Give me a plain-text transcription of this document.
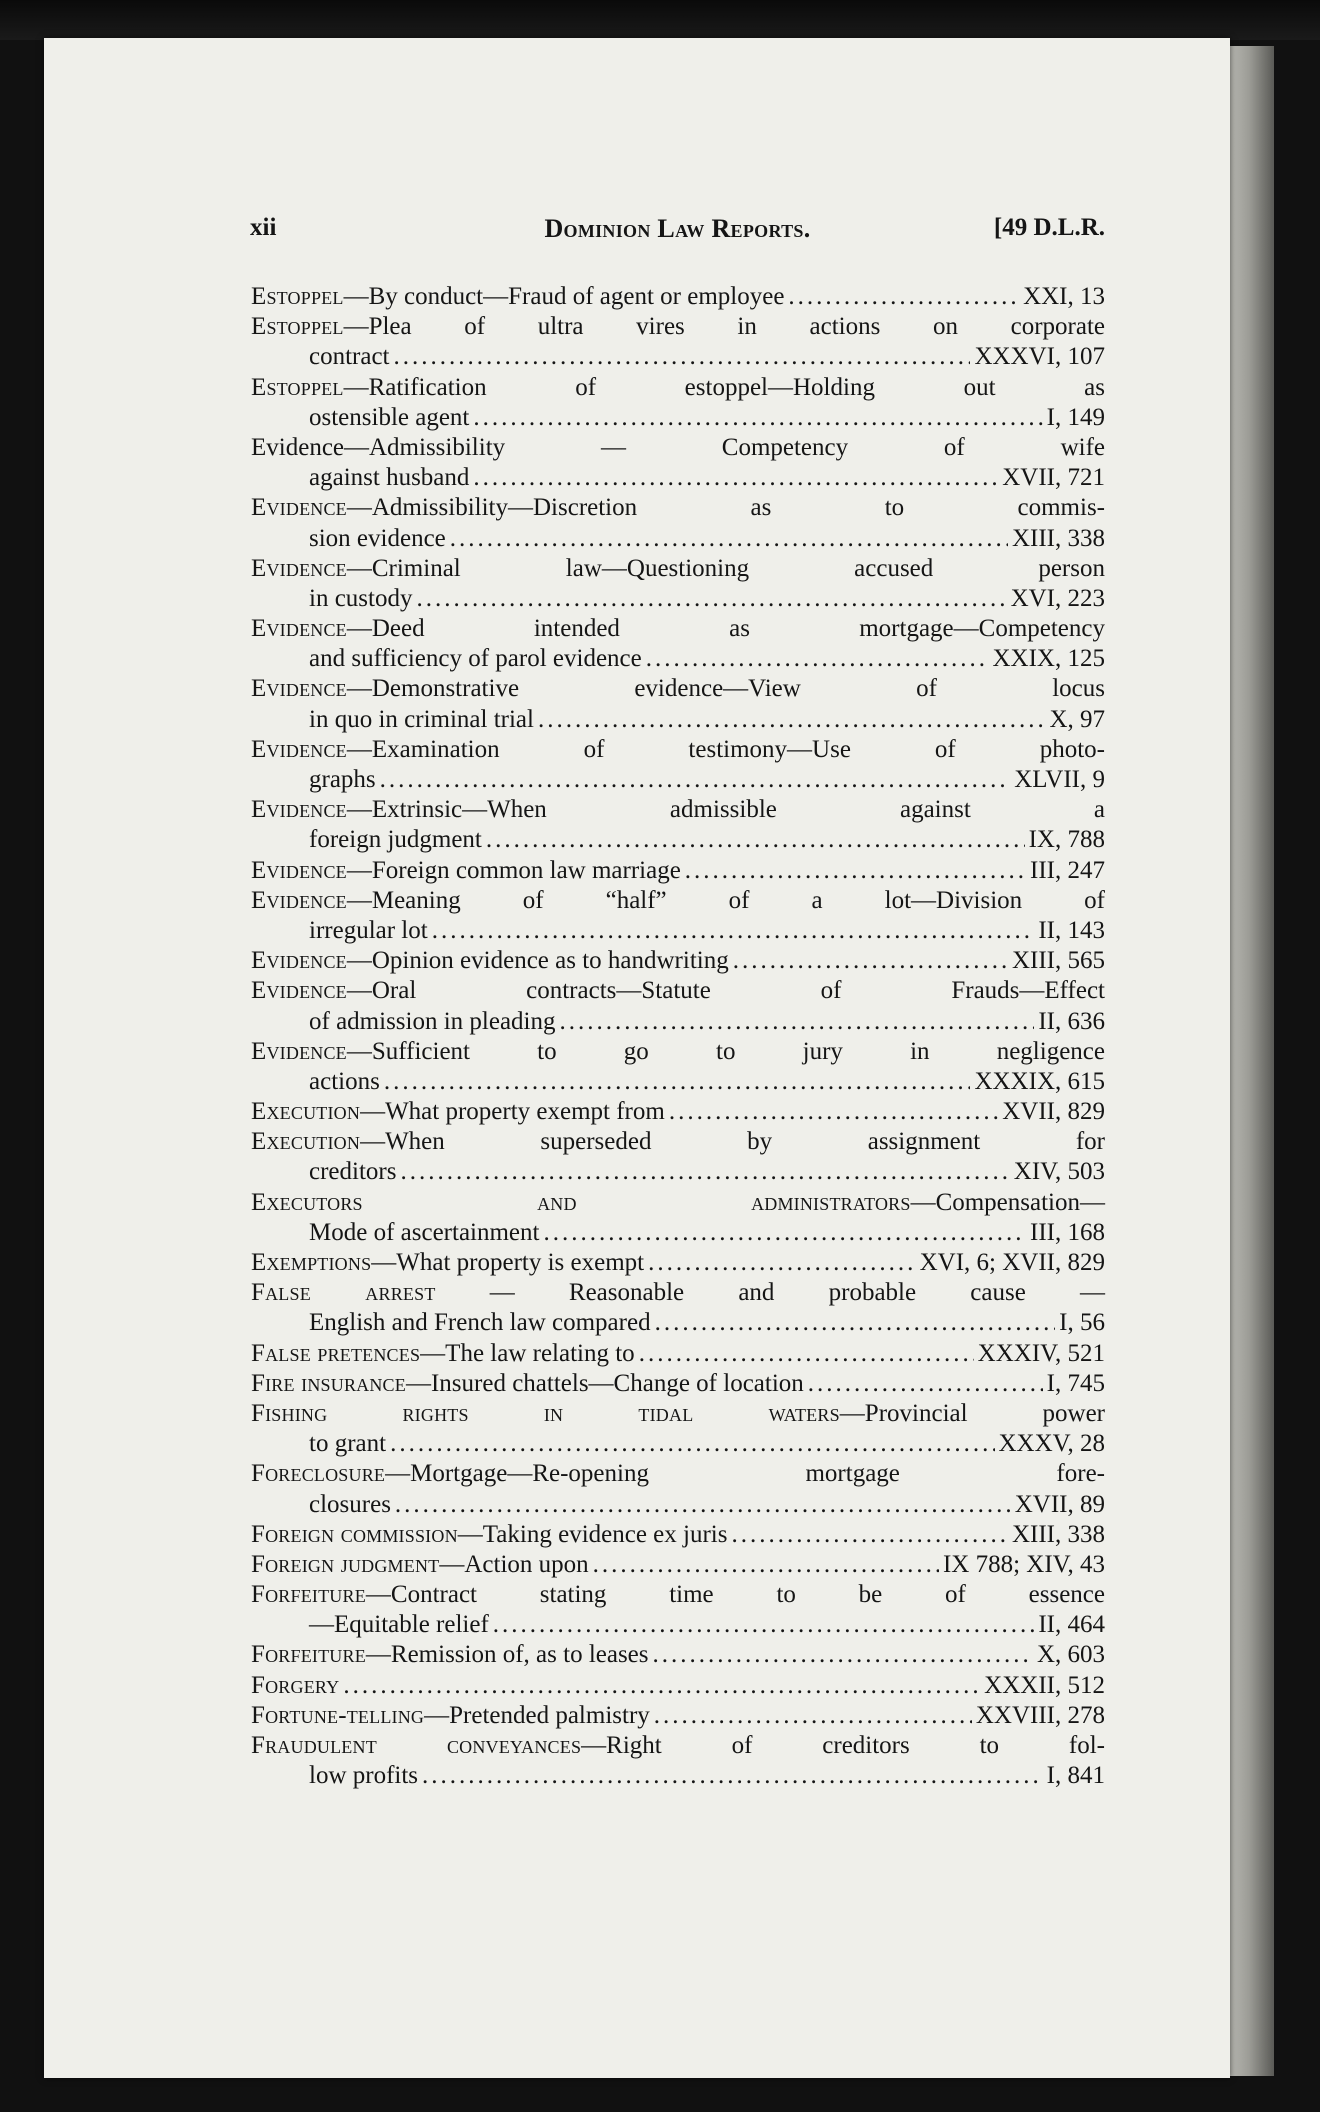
xii	Dominion Law Reports.	[49 D.L.R.
Estoppel—By conduct—Fraud of agent or employee .....	XXI, 13
Estoppel—Plea of ultra vires in actions on corporate
contract .....	XXXVI, 107
Estoppel—Ratification of estoppel—Holding out as
ostensible agent .....	I, 149
Evidence—Admissibility — Competency of wife
against husband .....	XVII, 721
Evidence—Admissibility—Discretion as to commis-
sion evidence .....	XIII, 338
Evidence—Criminal law—Questioning accused person
in custody .....	XVI, 223
Evidence—Deed intended as mortgage—Competency
and sufficiency of parol evidence .....	XXIX, 125
Evidence—Demonstrative evidence—View of locus
in quo in criminal trial .....	X, 97
Evidence—Examination of testimony—Use of photo-
graphs .....	XLVII, 9
Evidence—Extrinsic—When admissible against a
foreign judgment .....	IX, 788
Evidence—Foreign common law marriage .....	III, 247
Evidence—Meaning of “half” of a lot—Division of
irregular lot .....	II, 143
Evidence—Opinion evidence as to handwriting .....	XIII, 565
Evidence—Oral contracts—Statute of Frauds—Effect
of admission in pleading .....	II, 636
Evidence—Sufficient to go to jury in negligence
actions .....	XXXIX, 615
Execution—What property exempt from .....	XVII, 829
Execution—When superseded by assignment for
creditors .....	XIV, 503
Executors and administrators—Compensation—
Mode of ascertainment .....	III, 168
Exemptions—What property is exempt .....	XVI, 6; XVII, 829
False arrest — Reasonable and probable cause —
English and French law compared .....	I, 56
False pretences—The law relating to .....	XXXIV, 521
Fire insurance—Insured chattels—Change of location .....	I, 745
Fishing rights in tidal waters—Provincial power
to grant .....	XXXV, 28
Foreclosure—Mortgage—Re-opening mortgage fore-
closures .....	XVII, 89
Foreign commission—Taking evidence ex juris .....	XIII, 338
Foreign judgment—Action upon .....	IX 788; XIV, 43
Forfeiture—Contract stating time to be of essence
—Equitable relief .....	II, 464
Forfeiture—Remission of, as to leases .....	X, 603
Forgery .....	XXXII, 512
Fortune-telling—Pretended palmistry .....	XXVIII, 278
Fraudulent conveyances—Right of creditors to fol-
low profits .....	I, 841
